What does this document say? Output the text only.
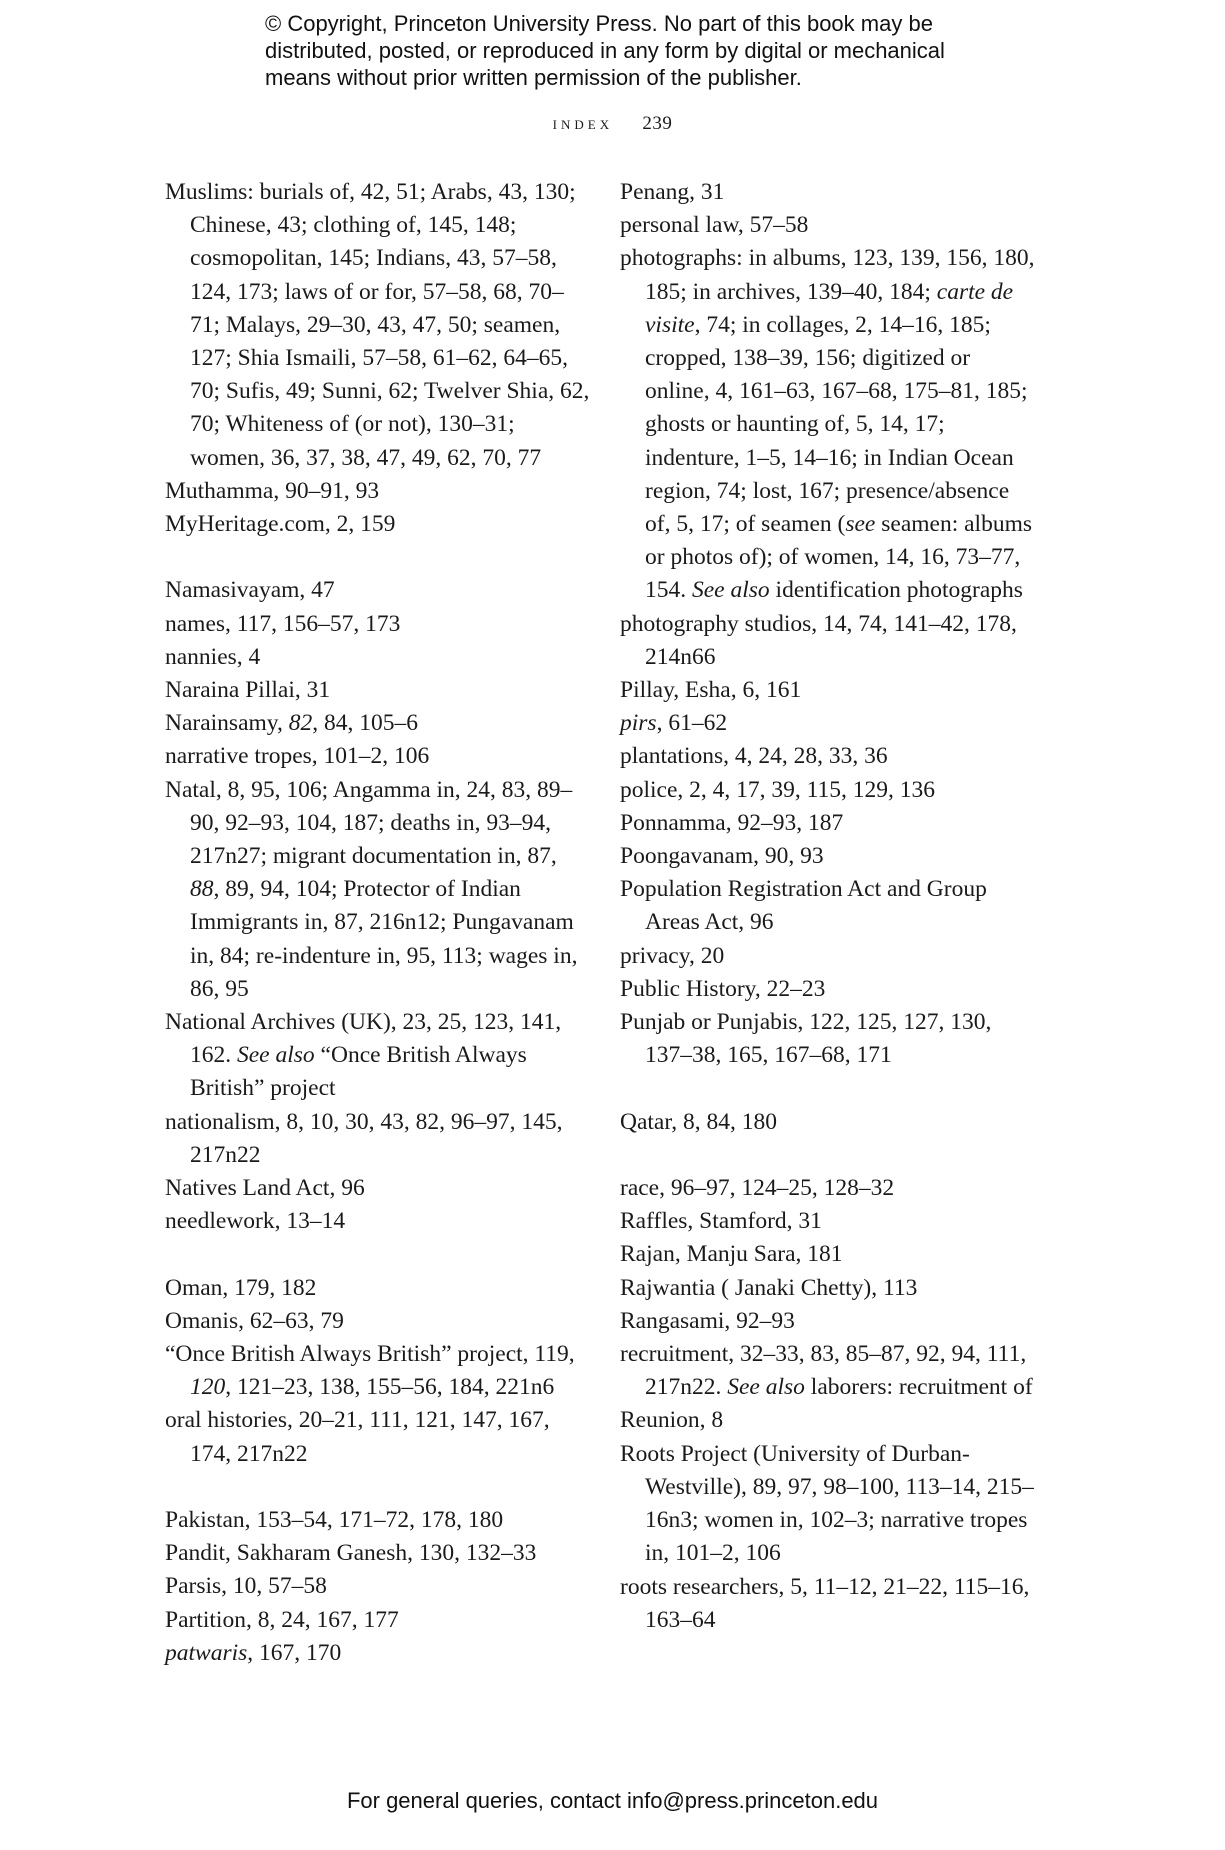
© Copyright, Princeton University Press. No part of this book may be
distributed, posted, or reproduced in any form by digital or mechanical
means without prior written permission of the publisher.
index 239

Muslims: burials of, 42, 51; Arabs, 43, 130; Chinese, 43; clothing of, 145, 148; cosmopolitan, 145; Indians, 43, 57–58, 124, 173; laws of or for, 57–58, 68, 70–71; Malays, 29–30, 43, 47, 50; seamen, 127; Shia Ismaili, 57–58, 61–62, 64–65, 70; Sufis, 49; Sunni, 62; Twelver Shia, 62, 70; Whiteness of (or not), 130–31; women, 36, 37, 38, 47, 49, 62, 70, 77

Muthamma, 90–91, 93

MyHeritage.com, 2, 159

Namasivayam, 47

names, 117, 156–57, 173

nannies, 4

Naraina Pillai, 31

Narainsamy, 82, 84, 105–6

narrative tropes, 101–2, 106

Natal, 8, 95, 106; Angamma in, 24, 83, 89–90, 92–93, 104, 187; deaths in, 93–94, 217n27; migrant documentation in, 87, 88, 89, 94, 104; Protector of Indian Immigrants in, 87, 216n12; Pungavanam in, 84; re-indenture in, 95, 113; wages in, 86, 95

National Archives (UK), 23, 25, 123, 141, 162. See also “Once British Always British” project

nationalism, 8, 10, 30, 43, 82, 96–97, 145, 217n22

Natives Land Act, 96

needlework, 13–14

Oman, 179, 182

Omanis, 62–63, 79

“Once British Always British” project, 119, 120, 121–23, 138, 155–56, 184, 221n6

oral histories, 20–21, 111, 121, 147, 167, 174, 217n22

Pakistan, 153–54, 171–72, 178, 180

Pandit, Sakharam Ganesh, 130, 132–33

Parsis, 10, 57–58

Partition, 8, 24, 167, 177

patwaris, 167, 170

Penang, 31

personal law, 57–58

photographs: in albums, 123, 139, 156, 180, 185; in archives, 139–40, 184; carte de visite, 74; in collages, 2, 14–16, 185; cropped, 138–39, 156; digitized or online, 4, 161–63, 167–68, 175–81, 185; ghosts or haunting of, 5, 14, 17; indenture, 1–5, 14–16; in Indian Ocean region, 74; lost, 167; presence/absence of, 5, 17; of seamen (see seamen: albums or photos of); of women, 14, 16, 73–77, 154. See also identification photographs

photography studios, 14, 74, 141–42, 178, 214n66

Pillay, Esha, 6, 161

pirs, 61–62

plantations, 4, 24, 28, 33, 36

police, 2, 4, 17, 39, 115, 129, 136

Ponnamma, 92–93, 187

Poongavanam, 90, 93

Population Registration Act and Group Areas Act, 96

privacy, 20

Public History, 22–23

Punjab or Punjabis, 122, 125, 127, 130, 137–38, 165, 167–68, 171

Qatar, 8, 84, 180

race, 96–97, 124–25, 128–32

Raffles, Stamford, 31

Rajan, Manju Sara, 181

Rajwantia ( Janaki Chetty), 113

Rangasami, 92–93

recruitment, 32–33, 83, 85–87, 92, 94, 111, 217n22. See also laborers: recruitment of

Reunion, 8

Roots Project (University of Durban-Westville), 89, 97, 98–100, 113–14, 215–16n3; women in, 102–3; narrative tropes in, 101–2, 106

roots researchers, 5, 11–12, 21–22, 115–16, 163–64

For general queries, contact info@press.princeton.edu
